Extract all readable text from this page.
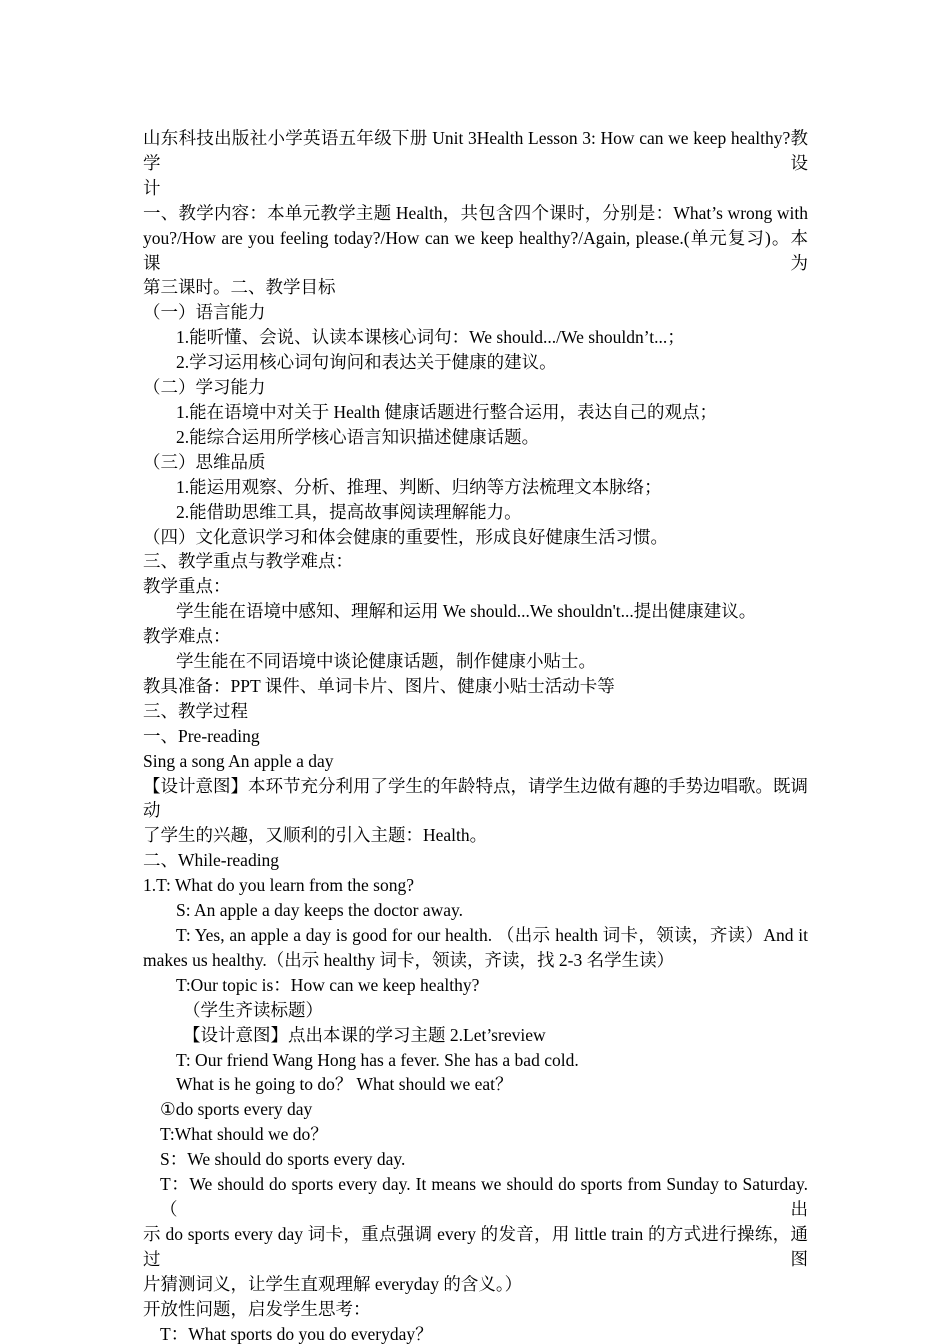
山东科技出版社小学英语五年级下册 Unit 3Health Lesson 3: How can we keep healthy?教学设
计
一、教学内容：本单元教学主题 Health，共包含四个课时，分别是：What’s wrong with
you?/How are you feeling today?/How can we keep healthy?/Again, please.(单元复习)。本课为
第三课时。二、教学目标
（一）语言能力
1.能听懂、会说、认读本课核心词句：We should.../We shouldn’t...；
2.学习运用核心词句询问和表达关于健康的建议。
（二）学习能力
1.能在语境中对关于 Health 健康话题进行整合运用，表达自己的观点；
2.能综合运用所学核心语言知识描述健康话题。
（三）思维品质
1.能运用观察、分析、推理、判断、归纳等方法梳理文本脉络；
2.能借助思维工具，提高故事阅读理解能力。
（四）文化意识学习和体会健康的重要性，形成良好健康生活习惯。
三、教学重点与教学难点：
教学重点：
学生能在语境中感知、理解和运用 We should...We shouldn't...提出健康建议。
教学难点：
学生能在不同语境中谈论健康话题，制作健康小贴士。
教具准备：PPT 课件、单词卡片、图片、健康小贴士活动卡等
三、教学过程
一、Pre-reading
Sing a song An apple a day
【设计意图】本环节充分利用了学生的年龄特点，请学生边做有趣的手势边唱歌。既调动
了学生的兴趣，又顺利的引入主题：Health。
二、While-reading
1.T: What do you learn from the song?
S: An apple a day keeps the doctor away.
T: Yes, an apple a day is good for our health. （出示 health 词卡，领读，齐读）And it
makes us healthy.（出示 healthy 词卡，领读，齐读，找 2-3 名学生读）
T:Our topic is：How can we keep healthy?
（学生齐读标题）
【设计意图】点出本课的学习主题 2.Let’sreview
T: Our friend Wang Hong has a fever. She has a bad cold.
What is he going to do？ What should we eat？
①do sports every day
T:What should we do？
S：We should do sports every day.
T：We should do sports every day. It means we should do sports from Sunday to Saturday. （出
示 do sports every day 词卡，重点强调 every 的发音，用 little train 的方式进行操练，通过图
片猜测词义，让学生直观理解 everyday 的含义。）
开放性问题，启发学生思考：
T：What sports do you do everyday？
